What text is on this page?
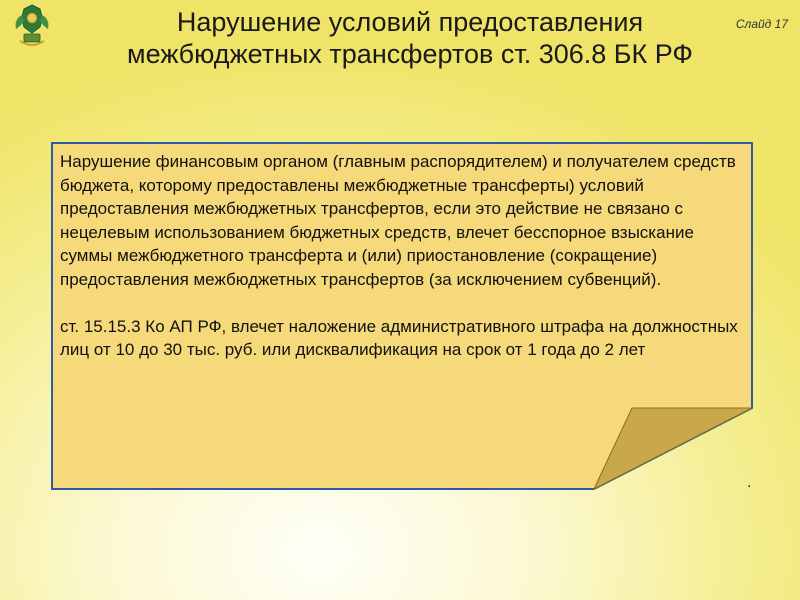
Нарушение условий предоставления
межбюджетных трансфертов ст. 306.8 БК РФ
Слайд 17

Нарушение финансовым органом (главным распорядителем) и получателем средств бюджета, которому предоставлены межбюджетные трансферты) условий предоставления межбюджетных трансфертов, если это действие не связано с нецелевым использованием бюджетных средств, влечет бесспорное взыскание суммы межбюджетного трансферта и (или) приостановление (сокращение) предоставления межбюджетных трансфертов (за исключением субвенций).

ст. 15.15.3 Ко АП РФ, влечет наложение административного штрафа на должностных лиц от 10 до 30 тыс. руб. или дисквалификация на срок от 1 года до 2 лет

.
